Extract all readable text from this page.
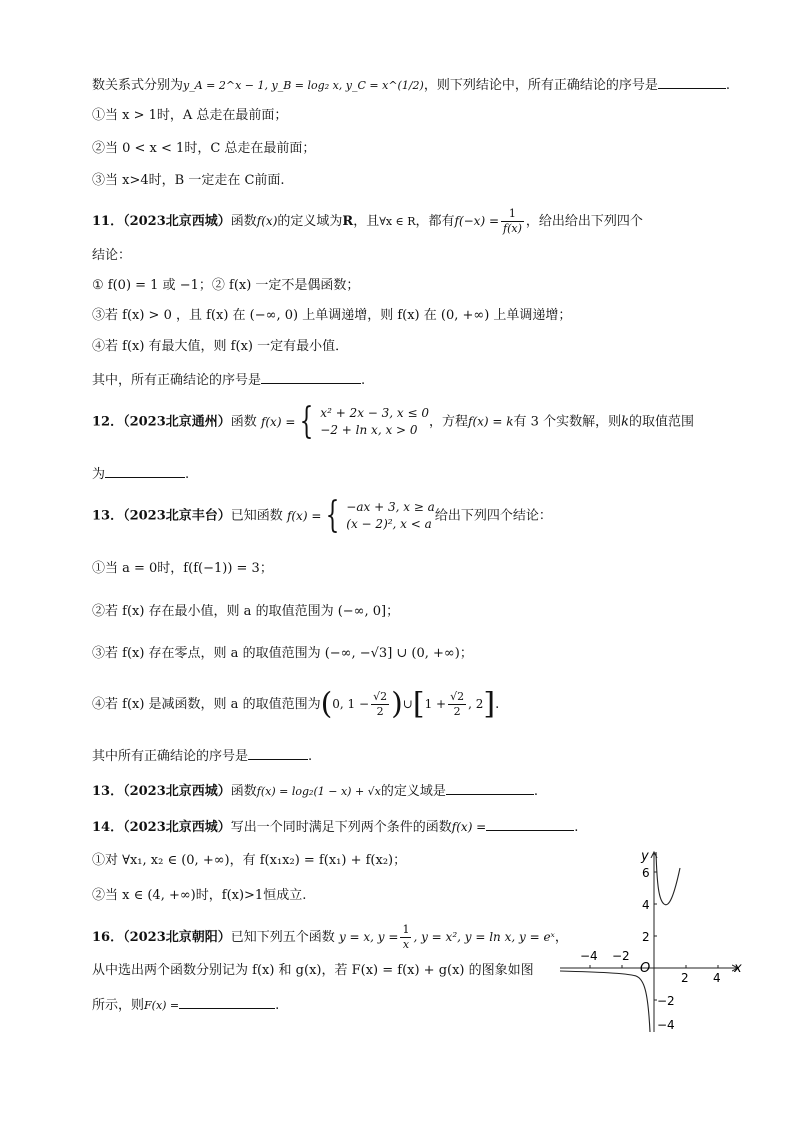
数关系式分别为y_A = 2^x − 1, y_B = log₂ x, y_C = x^(1/2)，则下列结论中，所有正确结论的序号是	.
①当 x > 1时，A 总走在最前面；
②当 0 < x < 1时，C 总走在最前面；
③当 x>4时，B 一定走在 C前面.
11．（2023北京西城）函数f(x)的定义域为R，且∀x ∈ R，都有$f(-x) = \frac{1}{f(x)}$ ，给出给出下列四个
结论：
① f(0) = 1 或 −1；② f(x) 一定不是偶函数；
③若 f(x) > 0 ，且 f(x) 在 (−∞, 0) 上单调递增，则 f(x) 在 (0, +∞) 上单调递增；
④若 f(x) 有最大值，则 f(x) 一定有最小值．
其中，所有正确结论的序号是	.
12．（2023北京通州）函数 f(x) = { x² + 2x − 3, x ≤ 0
−2 + ln x, x > 0
，方程f(x) = k有 3 个实数解，则k的取值范围
为	.
13．（2023北京丰台）已知函数 f(x) = { −ax + 3, x ≥ a
(x − 2)², x < a
给出下列四个结论：
①当 a = 0时，f(f(−1)) = 3；
②若 f(x) 存在最小值，则 a 的取值范围为 (−∞, 0]；
③若 f(x) 存在零点，则 a 的取值范围为 (−∞, −√3] ∪ (0, +∞)；
④若 f(x) 是减函数，则 a 的取值范围为(0, $1 - \frac{√2}{2}$ )∪[1 + $\frac{√2}{2}$ , 2].
其中所有正确结论的序号是	.
13．（2023北京西城）函数f(x) = log₂(1 − x) + √x的定义域是	.
14．（2023北京西城）写出一个同时满足下列两个条件的函数f(x) =	.
①对 ∀x₁, x₂ ∈ (0, +∞)，有 f(x₁x₂) = f(x₁) + f(x₂)；
②当 x ∈ (4, +∞)时，f(x)>1恒成立.
16．（2023北京朝阳）已知下列五个函数 y = x, $y = \frac{1}{x}$ , y = x², y = ln x, y = eˣ，
从中选出两个函数分别记为 f(x) 和 g(x)，若 F(x) = f(x) + g(x) 的图象如图
所示，则F(x) =	.
y
x
O
6
4
2
−2
−4
−4 −2
2 4
